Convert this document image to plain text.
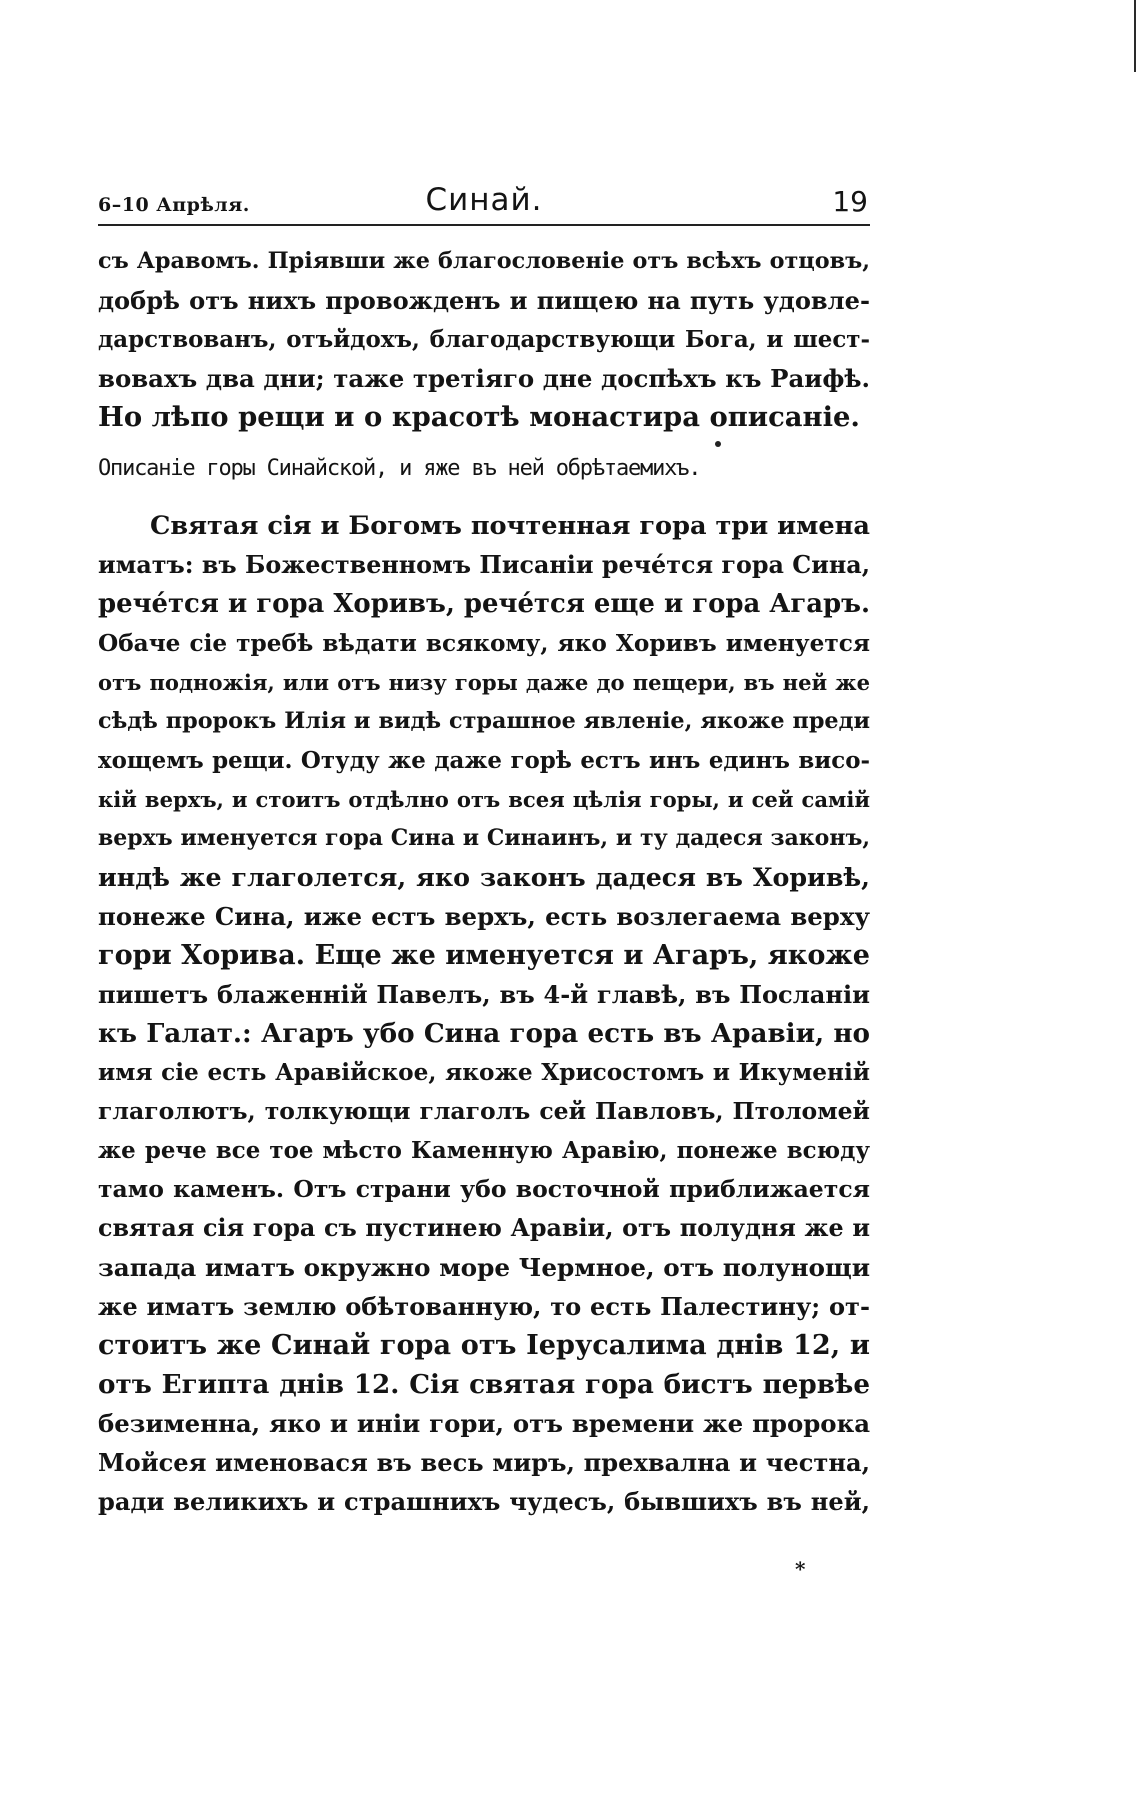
6–10 Апрѣля.	Синай.	19
съ Аравомъ. Пріявши же благословеніе отъ всѣхъ отцовъ,
добрѣ отъ нихъ провожденъ и пищею на путь удовле-
дарствованъ, отъйдохъ, благодарствующи Бога, и шест-
вовахъ два дни; таже третіяго дне доспѣхъ къ Раифѣ.
Но лѣпо рещи и о красотѣ монастира описаніе.
Описаніе горы Синайской, и яже въ ней обрѣтаемихъ.
Святая сія и Богомъ почтенная гора три имена
иматъ: въ Божественномъ Писаніи рече́тся гора Сина,
рече́тся и гора Хоривъ, рече́тся еще и гора Агаръ.
Обаче сіе требѣ вѣдати всякому, яко Хоривъ именуется
отъ подножія, или отъ низу горы даже до пещери, въ ней же
сѣдѣ пророкъ Илія и видѣ страшное явленіе, якоже преди
хощемъ рещи. Отуду же даже горѣ естъ инъ единъ висо-
кій верхъ, и стоитъ отдѣлно отъ всея цѣлія горы, и сей самій
верхъ именуется гора Сина и Синаинъ, и ту дадеся законъ,
индѣ же глаголется, яко законъ дадеся въ Хоривѣ,
понеже Сина, иже естъ верхъ, есть возлегаема верху
гори Хорива. Еще же именуется и Агаръ, якоже
пишетъ блаженній Павелъ, въ 4-й главѣ, въ Посланіи
къ Галат.: Агаръ убо Сина гора есть въ Аравіи, но
имя сіе есть Аравійское, якоже Хрисостомъ и Икуменій
глаголютъ, толкующи глаголъ сей Павловъ, Птоломей
же рече все тое мѣсто Каменную Аравію, понеже всюду
тамо каменъ. Отъ страни убо восточной приближается
святая сія гора съ пустинею Аравіи, отъ полудня же и
запада иматъ окружно море Чермное, отъ полунощи
же иматъ землю обѣтованную, то есть Палестину; от-
стоитъ же Синай гора отъ Іерусалима днів 12, и
отъ Египта днів 12. Сія святая гора бистъ первѣе
безименна, яко и иніи гори, отъ времени же пророка
Мойсея именовася въ весь миръ, прехвална и честна,
ради великихъ и страшнихъ чудесъ, бывшихъ въ ней,
*
